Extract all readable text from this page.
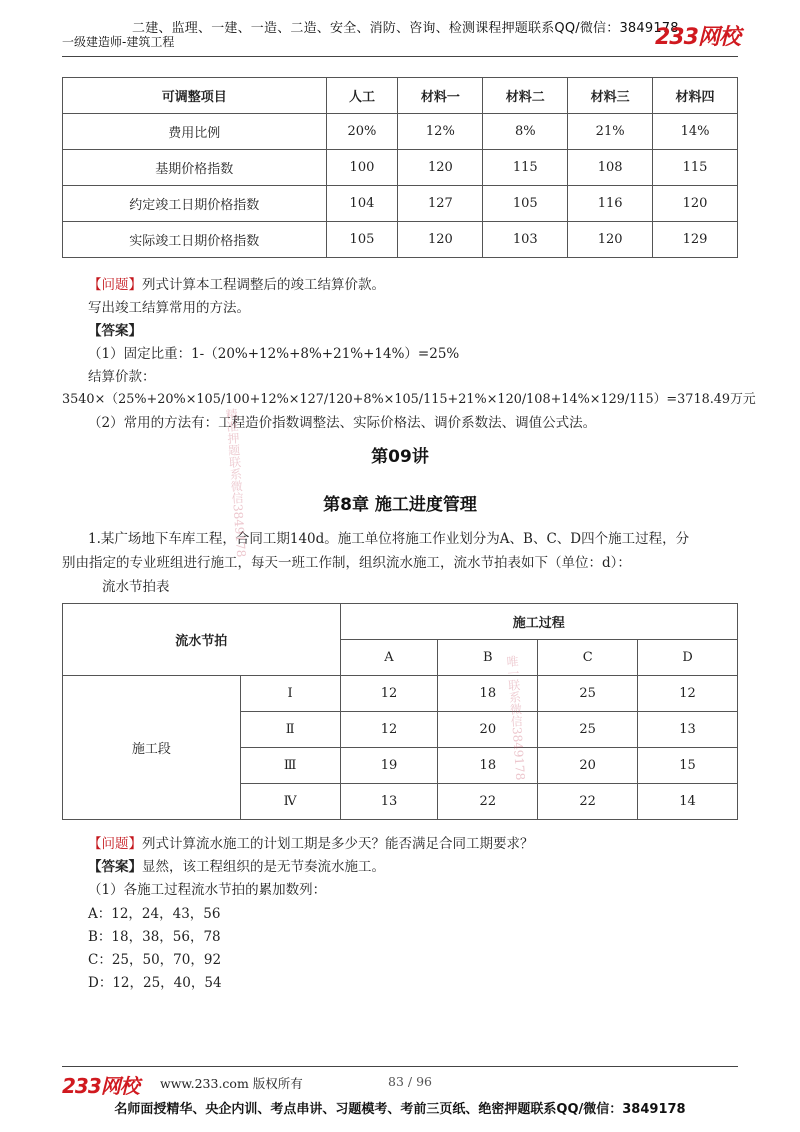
二建、监理、一建、一造、二造、安全、消防、咨询、检测课程押题联系QQ/微信：3849178
一级建造师-建筑工程	233网校
可调整项目	人工	材料一	材料二	材料三	材料四
费用比例	20%	12%	8%	21%	14%
基期价格指数	100	120	115	108	115
约定竣工日期价格指数	104	127	105	116	120
实际竣工日期价格指数	105	120	103	120	129
【问题】列式计算本工程调整后的竣工结算价款。
写出竣工结算常用的方法。
【答案】
（1）固定比重：1-（20%+12%+8%+21%+14%）=25%
结算价款：
3540×（25%+20%×105/100+12%×127/120+8%×105/115+21%×120/108+14%×129/115）=3718.49万元
（2）常用的方法有：工程造价指数调整法、实际价格法、调价系数法、调值公式法。
第09讲
第8章 施工进度管理
1.某广场地下车库工程，合同工期140d。施工单位将施工作业划分为A、B、C、D四个施工过程，分
别由指定的专业班组进行施工，每天一班工作制，组织流水施工，流水节拍表如下（单位：d）：
流水节拍表
流水节拍		施工过程			
		A	B	C	D
施工段	Ⅰ	12	18	25	12
	Ⅱ	12	20	25	13
	Ⅲ	19	18	20	15
	Ⅳ	13	22	22	14
【问题】列式计算流水施工的计划工期是多少天？能否满足合同工期要求？
【答案】显然，该工程组织的是无节奏流水施工。
（1）各施工过程流水节拍的累加数列：
A：12，24，43，56
B：18，38，56，78
C：25，50，70，92
D：12，25，40，54
精准押题联系微信3849178
唯一联系微信3849178
233网校 www.233.com 版权所有	83 / 96
名师面授精华、央企内训、考点串讲、习题模考、考前三页纸、绝密押题联系QQ/微信：3849178
